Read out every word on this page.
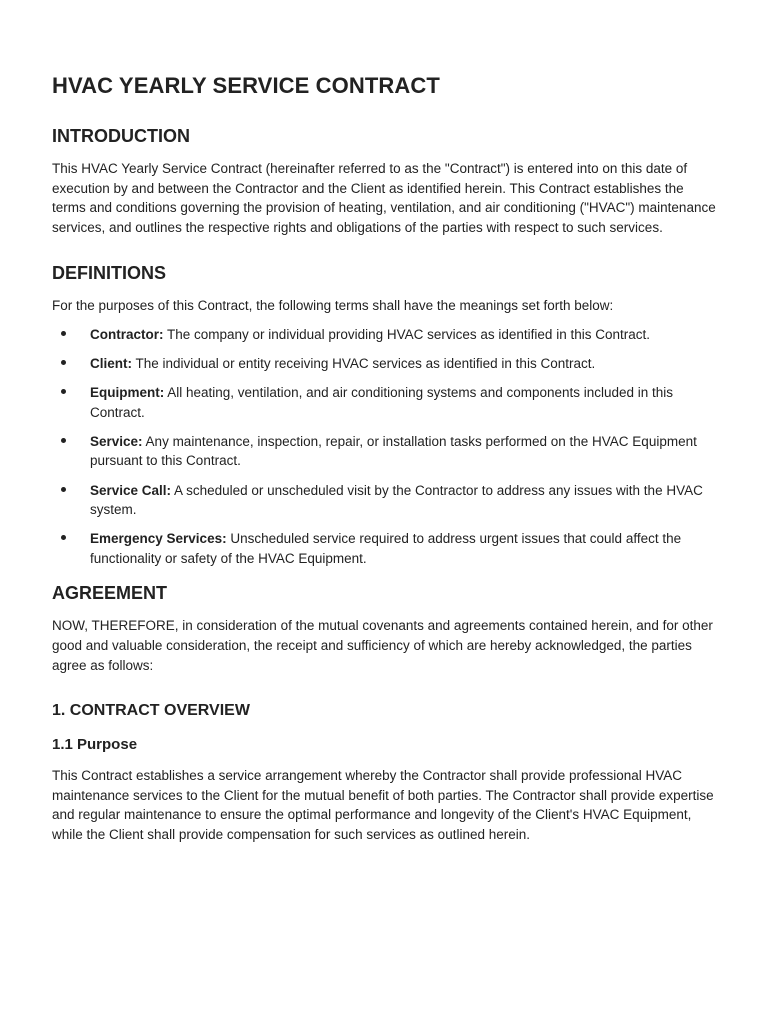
HVAC YEARLY SERVICE CONTRACT
INTRODUCTION

This HVAC Yearly Service Contract (hereinafter referred to as the "Contract") is entered into on this date of execution by and between the Contractor and the Client as identified herein. This Contract establishes the terms and conditions governing the provision of heating, ventilation, and air conditioning ("HVAC") maintenance services, and outlines the respective rights and obligations of the parties with respect to such services.

DEFINITIONS

For the purposes of this Contract, the following terms shall have the meanings set forth below:

Contractor: The company or individual providing HVAC services as identified in this Contract.
Client: The individual or entity receiving HVAC services as identified in this Contract.
Equipment: All heating, ventilation, and air conditioning systems and components included in this Contract.
Service: Any maintenance, inspection, repair, or installation tasks performed on the HVAC Equipment pursuant to this Contract.
Service Call: A scheduled or unscheduled visit by the Contractor to address any issues with the HVAC system.
Emergency Services: Unscheduled service required to address urgent issues that could affect the functionality or safety of the HVAC Equipment.
AGREEMENT

NOW, THEREFORE, in consideration of the mutual covenants and agreements contained herein, and for other good and valuable consideration, the receipt and sufficiency of which are hereby acknowledged, the parties agree as follows:

1. CONTRACT OVERVIEW
1.1 Purpose

This Contract establishes a service arrangement whereby the Contractor shall provide professional HVAC maintenance services to the Client for the mutual benefit of both parties. The Contractor shall provide expertise and regular maintenance to ensure the optimal performance and longevity of the Client's HVAC Equipment, while the Client shall provide compensation for such services as outlined herein.
